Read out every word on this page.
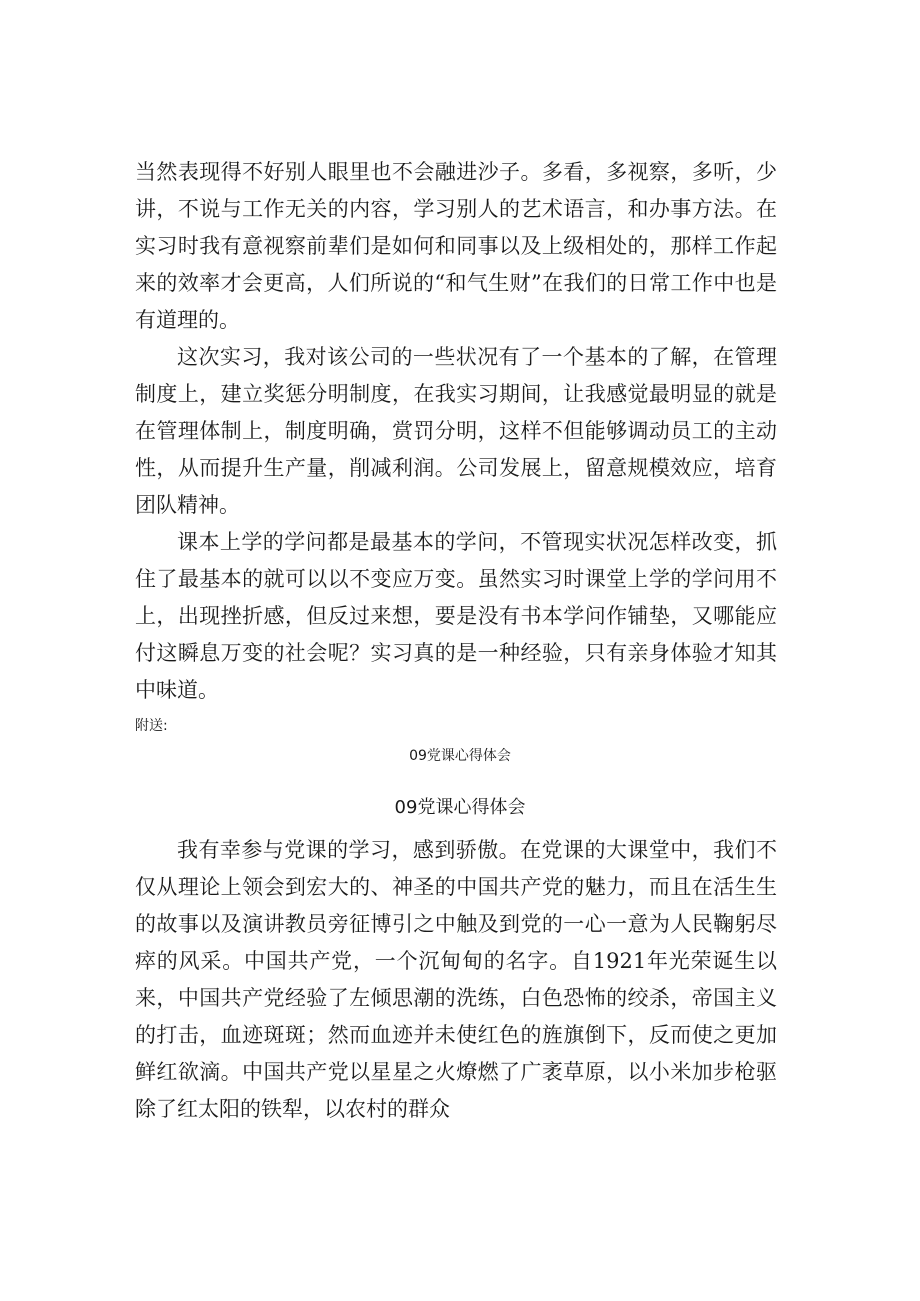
当然表现得不好别人眼里也不会融进沙子。多看，多视察，多听，少讲，不说与工作无关的内容，学习别人的艺术语言，和办事方法。在实习时我有意视察前辈们是如何和同事以及上级相处的，那样工作起来的效率才会更高，人们所说的“和气生财”在我们的日常工作中也是有道理的。

这次实习，我对该公司的一些状况有了一个基本的了解，在管理制度上，建立奖惩分明制度，在我实习期间，让我感觉最明显的就是在管理体制上，制度明确，赏罚分明，这样不但能够调动员工的主动性，从而提升生产量，削减利润。公司发展上，留意规模效应，培育团队精神。

课本上学的学问都是最基本的学问，不管现实状况怎样改变，抓住了最基本的就可以以不变应万变。虽然实习时课堂上学的学问用不上，出现挫折感，但反过来想，要是没有书本学问作铺垫，又哪能应付这瞬息万变的社会呢？实习真的是一种经验，只有亲身体验才知其中味道。

附送:

09党课心得体会

09党课心得体会

我有幸参与党课的学习，感到骄傲。在党课的大课堂中，我们不仅从理论上领会到宏大的、神圣的中国共产党的魅力，而且在活生生的故事以及演讲教员旁征博引之中触及到党的一心一意为人民鞠躬尽瘁的风采。中国共产党，一个沉甸甸的名字。自1921年光荣诞生以来，中国共产党经验了左倾思潮的洗练，白色恐怖的绞杀，帝国主义的打击，血迹斑斑；然而血迹并未使红色的旌旗倒下，反而使之更加鲜红欲滴。中国共产党以星星之火燎燃了广袤草原，以小米加步枪驱除了红太阳的铁犁，以农村的群众
